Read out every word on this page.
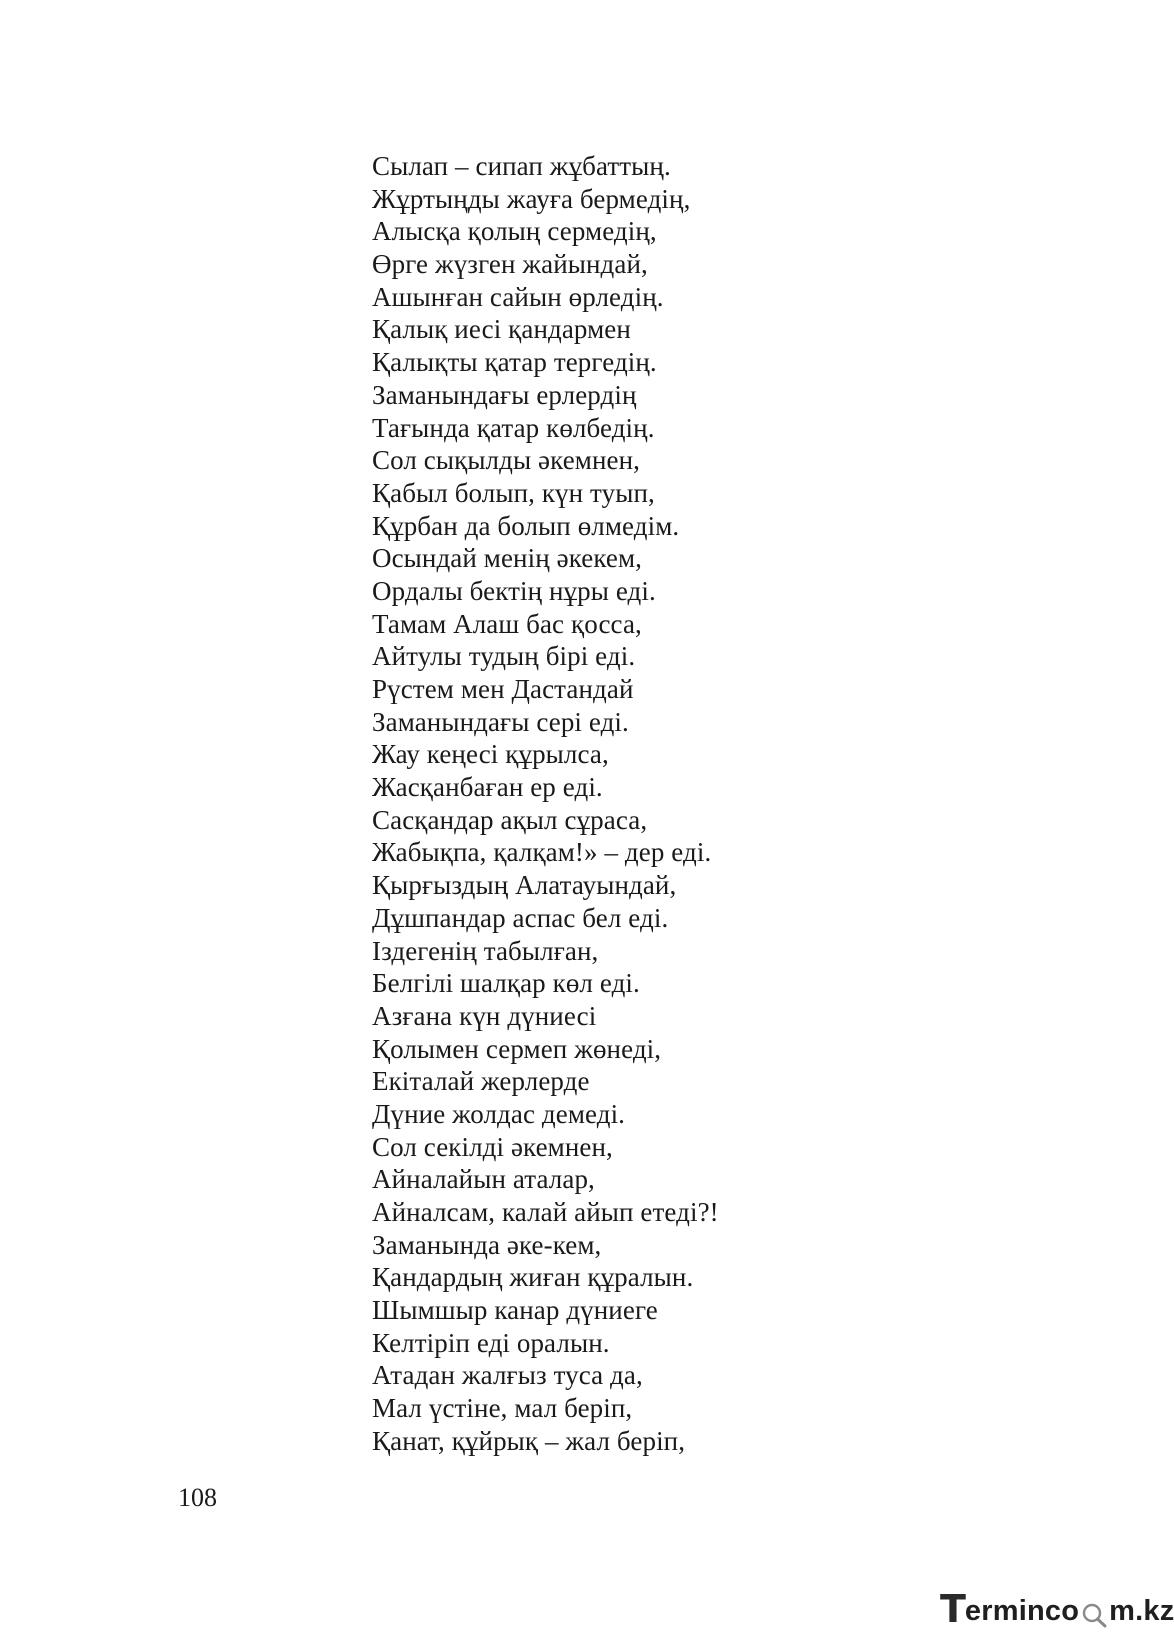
Сылап – сипап жұбаттың.
Жұртыңды жауға бермедің,
Алысқа қолың сермедің,
Өрге жүзген жайындай,
Ашынған сайын өрледің.
Қалық иесі қандармен
Қалықты қатар тергедің.
Заманындағы ерлердің
Тағында қатар көлбедің.
Сол сықылды әкемнен,
Қабыл болып, күн туып,
Құрбан да болып өлмедім.
Осындай менің әкекем,
Ордалы бектің нұры еді.
Тамам Алаш бас қосса,
Айтулы тудың бірі еді.
Рүстем мен Дастандай
Заманындағы сері еді.
Жау кеңесі құрылса,
Жасқанбаған ер еді.
Сасқандар ақыл сұраса,
Жабықпа, қалқам!» – дер еді.
Қырғыздың Алатауындай,
Дұшпандар аспас бел еді.
Іздегенің табылған,
Белгілі шалқар көл еді.
Азғана күн дүниесі
Қолымен сермеп жөнеді,
Екіталай жерлерде
Дүние жолдас демеді.
Сол секілді әкемнен,
Айналайын аталар,
Айналсам, калай айып етеді?!
Заманында әке-кем,
Қандардың жиған құралын.
Шымшыр канар дүниеге
Келтіріп еді оралын.
Атадан жалғыз туса да,
Мал үстіне, мал беріп,
Қанат, құйрық – жал беріп,
108
T ermincо m.kz
